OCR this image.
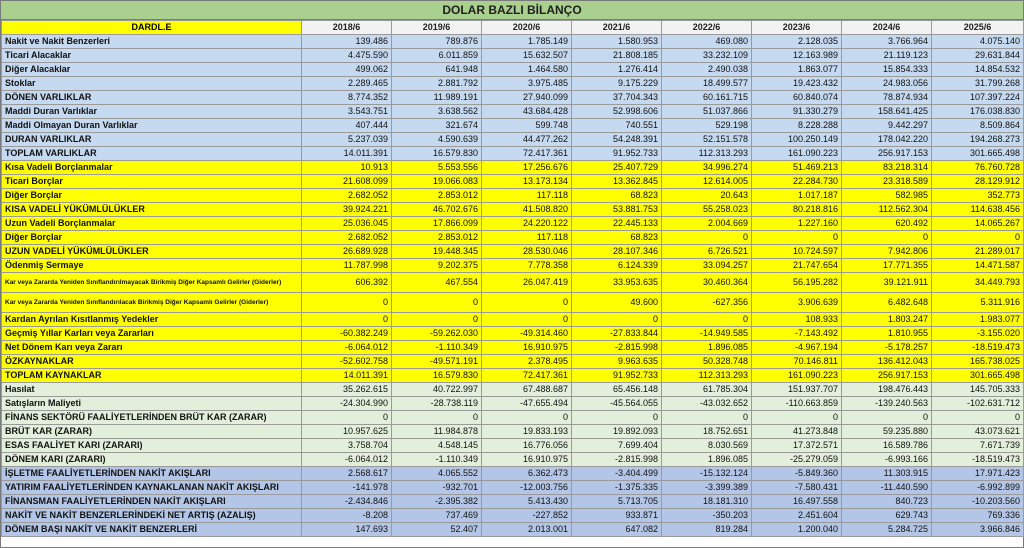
DOLAR BAZLI BİLANÇO
DARDL.E	2018/6	2019/6	2020/6	2021/6	2022/6	2023/6	2024/6	2025/6
Nakit ve Nakit Benzerleri	139.486	789.876	1.785.149	1.580.953	469.080	2.128.035	3.766.964	4.075.140
Ticari Alacaklar	4.475.590	6.011.859	15.632.507	21.808.185	33.232.109	12.163.989	21.119.123	29.631.844
Diğer Alacaklar	499.062	641.948	1.464.580	1.276.414	2.490.038	1.863.077	15.854.333	14.854.532
Stoklar	2.289.465	2.881.792	3.975.485	9.175.229	18.499.577	19.423.432	24.983.056	31.799.268
DÖNEN VARLIKLAR	8.774.352	11.989.191	27.940.099	37.704.343	60.161.715	60.840.074	78.874.934	107.397.224
Maddi Duran Varlıklar	3.543.751	3.638.562	43.684.428	52.998.606	51.037.866	91.330.279	158.641.425	176.038.830
Maddi Olmayan Duran Varlıklar	407.444	321.674	599.748	740.551	529.198	8.228.288	9.442.297	8.509.864
DURAN VARLIKLAR	5.237.039	4.590.639	44.477.262	54.248.391	52.151.578	100.250.149	178.042.220	194.268.273
TOPLAM VARLIKLAR	14.011.391	16.579.830	72.417.361	91.952.733	112.313.293	161.090.223	256.917.153	301.665.498
Kısa Vadeli Borçlanmalar	10.913	5.553.556	17.256.676	25.407.729	34.996.274	51.469.213	83.218.314	76.760.728
Ticari Borçlar	21.608.099	19.066.083	13.173.134	13.362.845	12.614.005	22.284.730	23.318.589	28.129.912
Diğer Borçlar	2.682.052	2.853.012	117.118	68.823	20.643	1.017.187	582.985	352.773
KISA VADELİ YÜKÜMLÜLÜKLER	39.924.221	46.702.676	41.508.820	53.881.753	55.258.023	80.218.816	112.562.304	114.638.456
Uzun Vadeli Borçlanmalar	25.036.045	17.866.099	24.220.122	22.445.133	2.004.669	1.227.160	620.492	14.065.267
Diğer Borçlar	2.682.052	2.853.012	117.118	68.823	0	0	0	0
UZUN VADELİ YÜKÜMLÜLÜKLER	26.689.928	19.448.345	28.530.046	28.107.346	6.726.521	10.724.597	7.942.806	21.289.017
Ödenmiş Sermaye	11.787.998	9.202.375	7.778.358	6.124.339	33.094.257	21.747.654	17.771.355	14.471.587
Kar veya Zararda Yeniden Sınıflandırılmayacak Birikmiş Diğer Kapsamlı Gelirler (Giderler)	606.392	467.554	26.047.419	33.953.635	30.460.364	56.195.282	39.121.911	34.449.793
Kar veya Zararda Yeniden Sınıflandırılacak Birikmiş Diğer Kapsamlı Gelirler (Giderler)	0	0	0	49.600	-627.356	3.906.639	6.482.648	5.311.916
Kardan Ayrılan Kısıtlanmış Yedekler	0	0	0	0	0	108.933	1.803.247	1.983.077
Geçmiş Yıllar Karları veya Zararları	-60.382.249	-59.262.030	-49.314.460	-27.833.844	-14.949.585	-7.143.492	1.810.955	-3.155.020
Net Dönem Karı veya Zararı	-6.064.012	-1.110.349	16.910.975	-2.815.998	1.896.085	-4.967.194	-5.178.257	-18.519.473
ÖZKAYNAKLAR	-52.602.758	-49.571.191	2.378.495	9.963.635	50.328.748	70.146.811	136.412.043	165.738.025
TOPLAM KAYNAKLAR	14.011.391	16.579.830	72.417.361	91.952.733	112.313.293	161.090.223	256.917.153	301.665.498
Hasılat	35.262.615	40.722.997	67.488.687	65.456.148	61.785.304	151.937.707	198.476.443	145.705.333
Satışların Maliyeti	-24.304.990	-28.738.119	-47.655.494	-45.564.055	-43.032.652	-110.663.859	-139.240.563	-102.631.712
FİNANS SEKTÖRÜ FAALİYETLERİNDEN BRÜT KAR (ZARAR)	0	0	0	0	0	0	0	0
BRÜT KAR (ZARAR)	10.957.625	11.984.878	19.833.193	19.892.093	18.752.651	41.273.848	59.235.880	43.073.621
ESAS FAALİYET KARI (ZARARI)	3.758.704	4.548.145	16.776.056	7.699.404	8.030.569	17.372.571	16.589.786	7.671.739
DÖNEM KARI (ZARARI)	-6.064.012	-1.110.349	16.910.975	-2.815.998	1.896.085	-25.279.059	-6.993.166	-18.519.473
İŞLETME FAALİYETLERİNDEN NAKİT AKIŞLARI	2.568.617	4.065.552	6.362.473	-3.404.499	-15.132.124	-5.849.360	11.303.915	17.971.423
YATIRIM FAALİYETLERİNDEN KAYNAKLANAN NAKİT AKIŞLARI	-141.978	-932.701	-12.003.756	-1.375.335	-3.399.389	-7.580.431	-11.440.590	-6.992.899
FİNANSMAN FAALİYETLERİNDEN NAKİT AKIŞLARI	-2.434.846	-2.395.382	5.413.430	5.713.705	18.181.310	16.497.558	840.723	-10.203.560
NAKİT VE NAKİT BENZERLERİNDEKİ NET ARTIŞ (AZALIŞ)	-8.208	737.469	-227.852	933.871	-350.203	2.451.604	629.743	769.336
DÖNEM BAŞI NAKİT VE NAKİT BENZERLERİ	147.693	52.407	2.013.001	647.082	819.284	1.200.040	5.284.725	3.966.846
